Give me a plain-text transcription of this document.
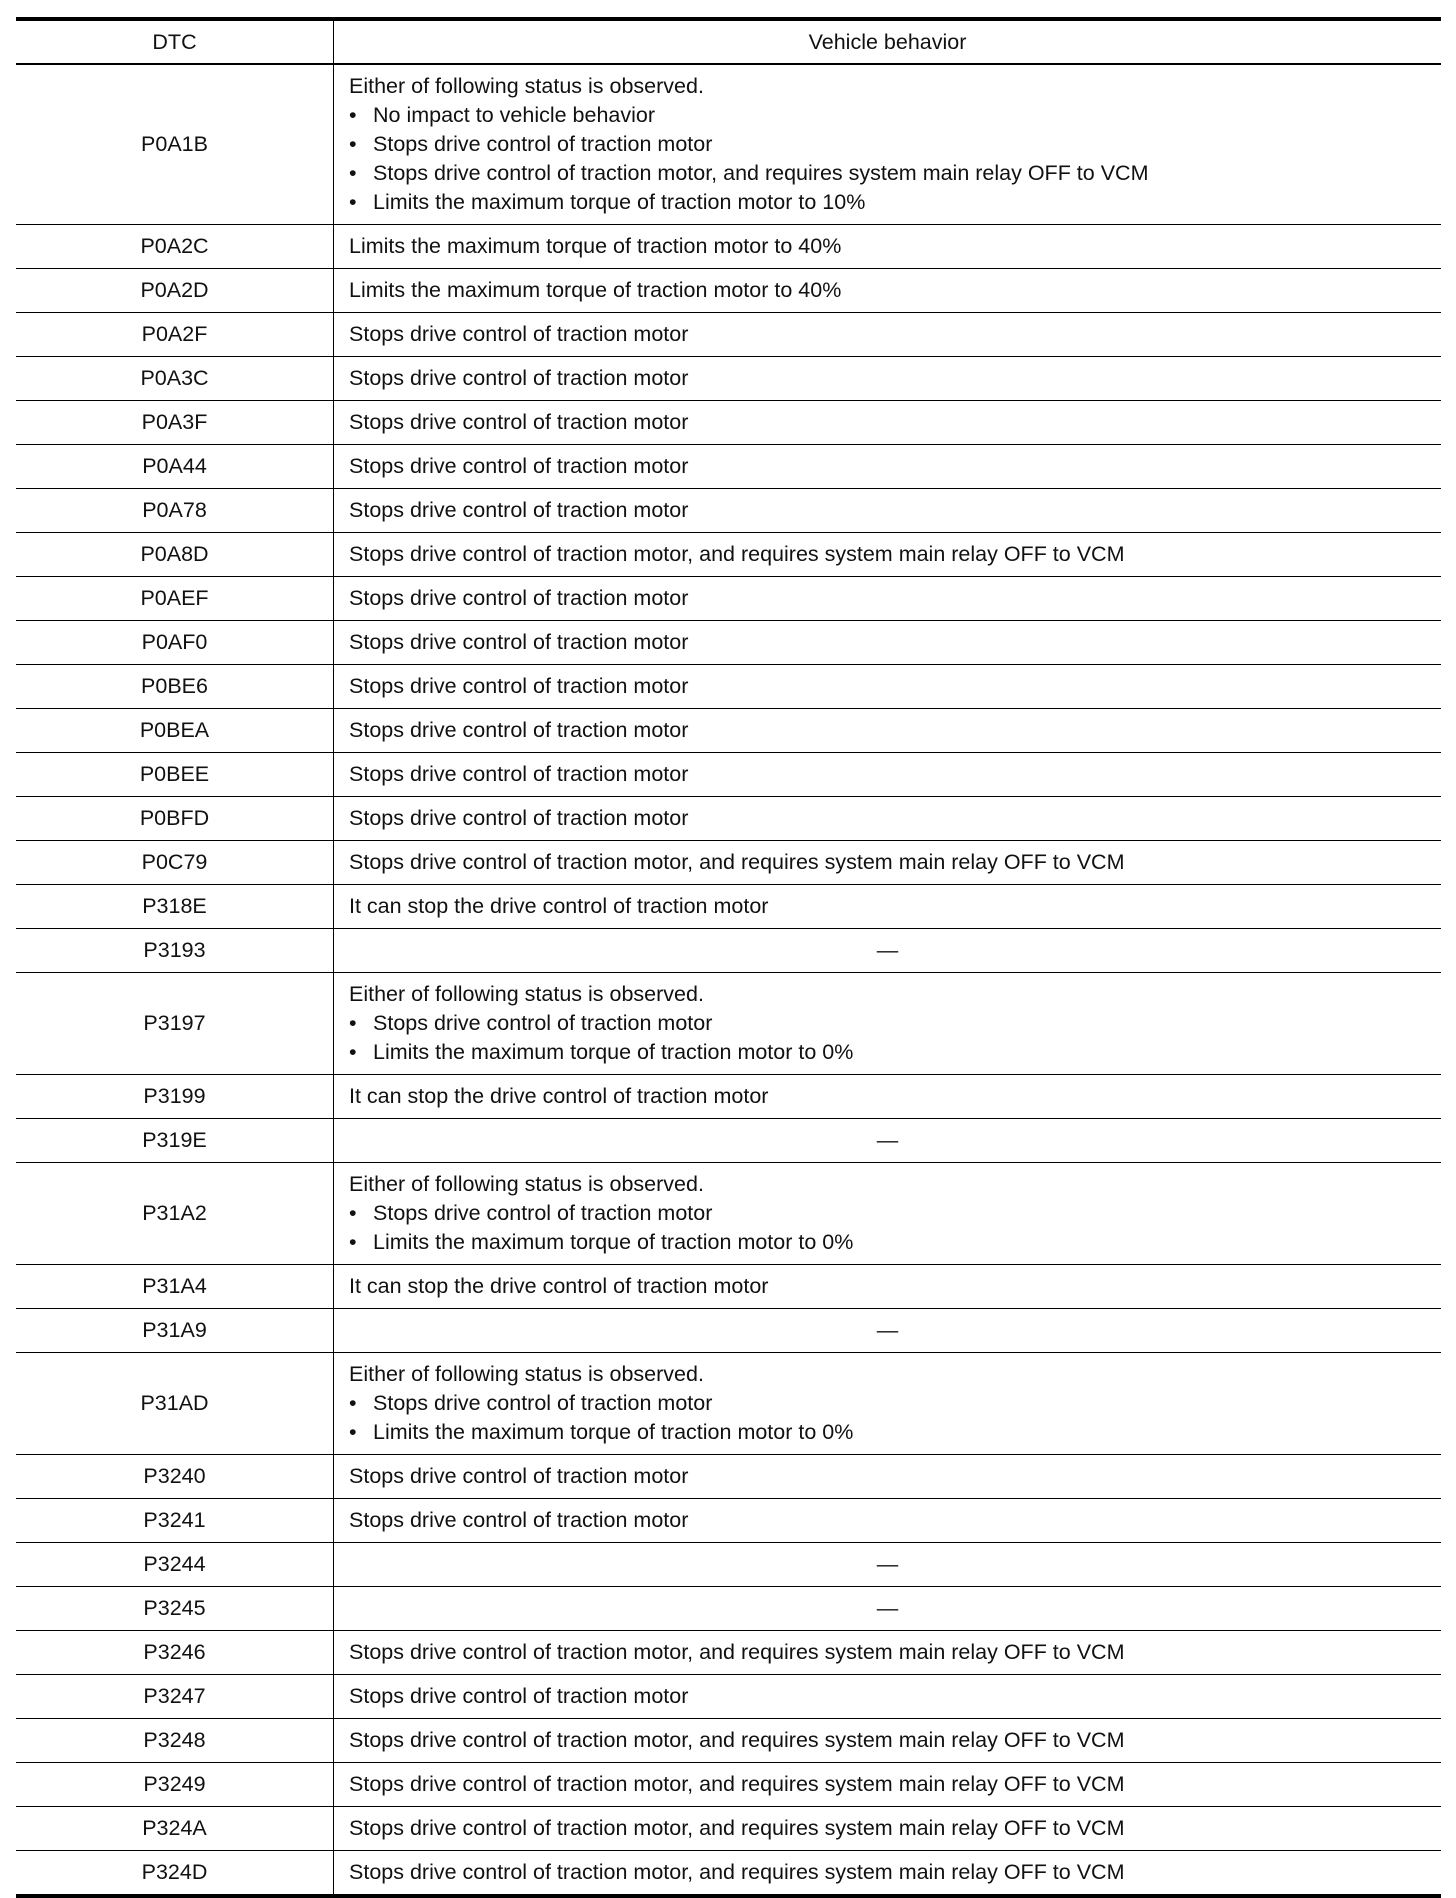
DTC	Vehicle behavior
P0A1B	Either of following status is observed.
• No impact to vehicle behavior
• Stops drive control of traction motor
• Stops drive control of traction motor, and requires system main relay OFF to VCM
• Limits the maximum torque of traction motor to 10%

P0A2C	Limits the maximum torque of traction motor to 40%
P0A2D	Limits the maximum torque of traction motor to 40%
P0A2F	Stops drive control of traction motor
P0A3C	Stops drive control of traction motor
P0A3F	Stops drive control of traction motor
P0A44	Stops drive control of traction motor
P0A78	Stops drive control of traction motor
P0A8D	Stops drive control of traction motor, and requires system main relay OFF to VCM
P0AEF	Stops drive control of traction motor
P0AF0	Stops drive control of traction motor
P0BE6	Stops drive control of traction motor
P0BEA	Stops drive control of traction motor
P0BEE	Stops drive control of traction motor
P0BFD	Stops drive control of traction motor
P0C79	Stops drive control of traction motor, and requires system main relay OFF to VCM
P318E	It can stop the drive control of traction motor
P3193	—
P3197	Either of following status is observed.
• Stops drive control of traction motor
• Limits the maximum torque of traction motor to 0%

P3199	It can stop the drive control of traction motor
P319E	—
P31A2	Either of following status is observed.
• Stops drive control of traction motor
• Limits the maximum torque of traction motor to 0%

P31A4	It can stop the drive control of traction motor
P31A9	—
P31AD	Either of following status is observed.
• Stops drive control of traction motor
• Limits the maximum torque of traction motor to 0%

P3240	Stops drive control of traction motor
P3241	Stops drive control of traction motor
P3244	—
P3245	—
P3246	Stops drive control of traction motor, and requires system main relay OFF to VCM
P3247	Stops drive control of traction motor
P3248	Stops drive control of traction motor, and requires system main relay OFF to VCM
P3249	Stops drive control of traction motor, and requires system main relay OFF to VCM
P324A	Stops drive control of traction motor, and requires system main relay OFF to VCM
P324D	Stops drive control of traction motor, and requires system main relay OFF to VCM
